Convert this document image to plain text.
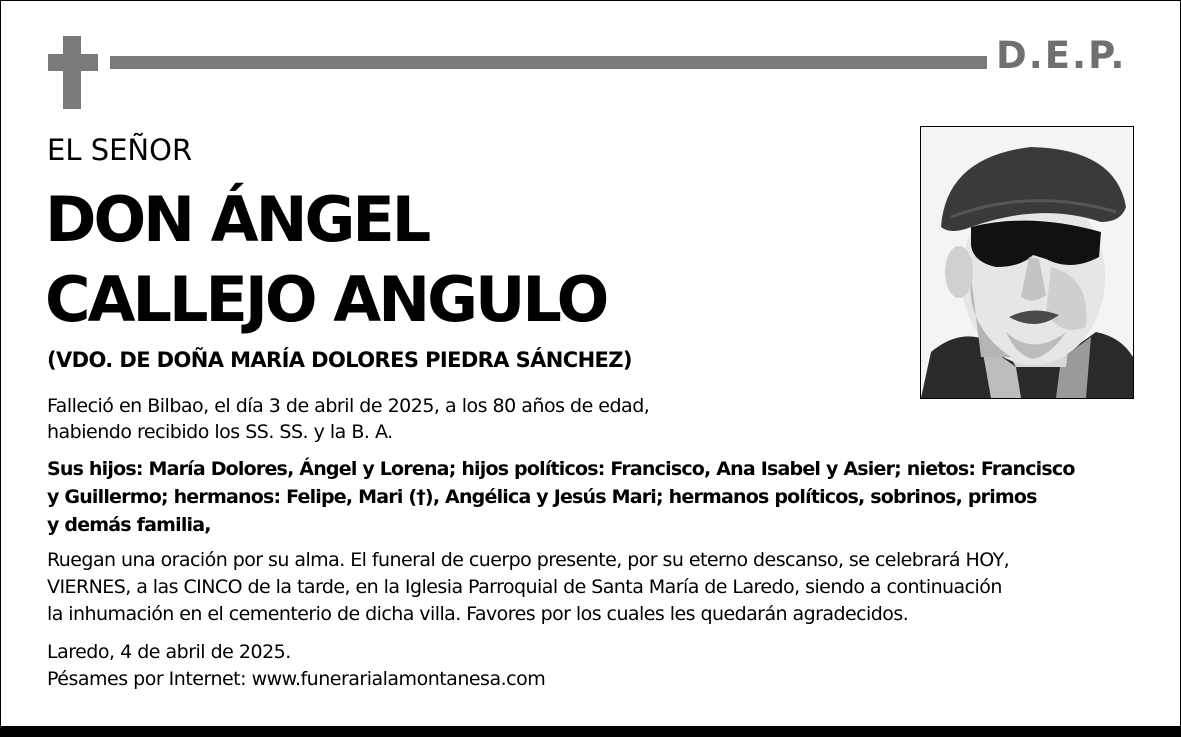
D.E.P.
EL SEÑOR
DON ÁNGEL
CALLEJO ANGULO
(VDO. DE DOÑA MARÍA DOLORES PIEDRA SÁNCHEZ)
Falleció en Bilbao, el día 3 de abril de 2025, a los 80 años de edad,
habiendo recibido los SS. SS. y la B. A.
Sus hijos: María Dolores, Ángel y Lorena; hijos políticos: Francisco, Ana Isabel y Asier; nietos: Francisco
y Guillermo; hermanos: Felipe, Mari (†), Angélica y Jesús Mari; hermanos políticos, sobrinos, primos
y demás familia,
Ruegan una oración por su alma. El funeral de cuerpo presente, por su eterno descanso, se celebrará HOY,
VIERNES, a las CINCO de la tarde, en la Iglesia Parroquial de Santa María de Laredo, siendo a continuación
la inhumación en el cementerio de dicha villa. Favores por los cuales les quedarán agradecidos.
Laredo, 4 de abril de 2025.
Pésames por Internet: www.funerarialamontanesa.com
